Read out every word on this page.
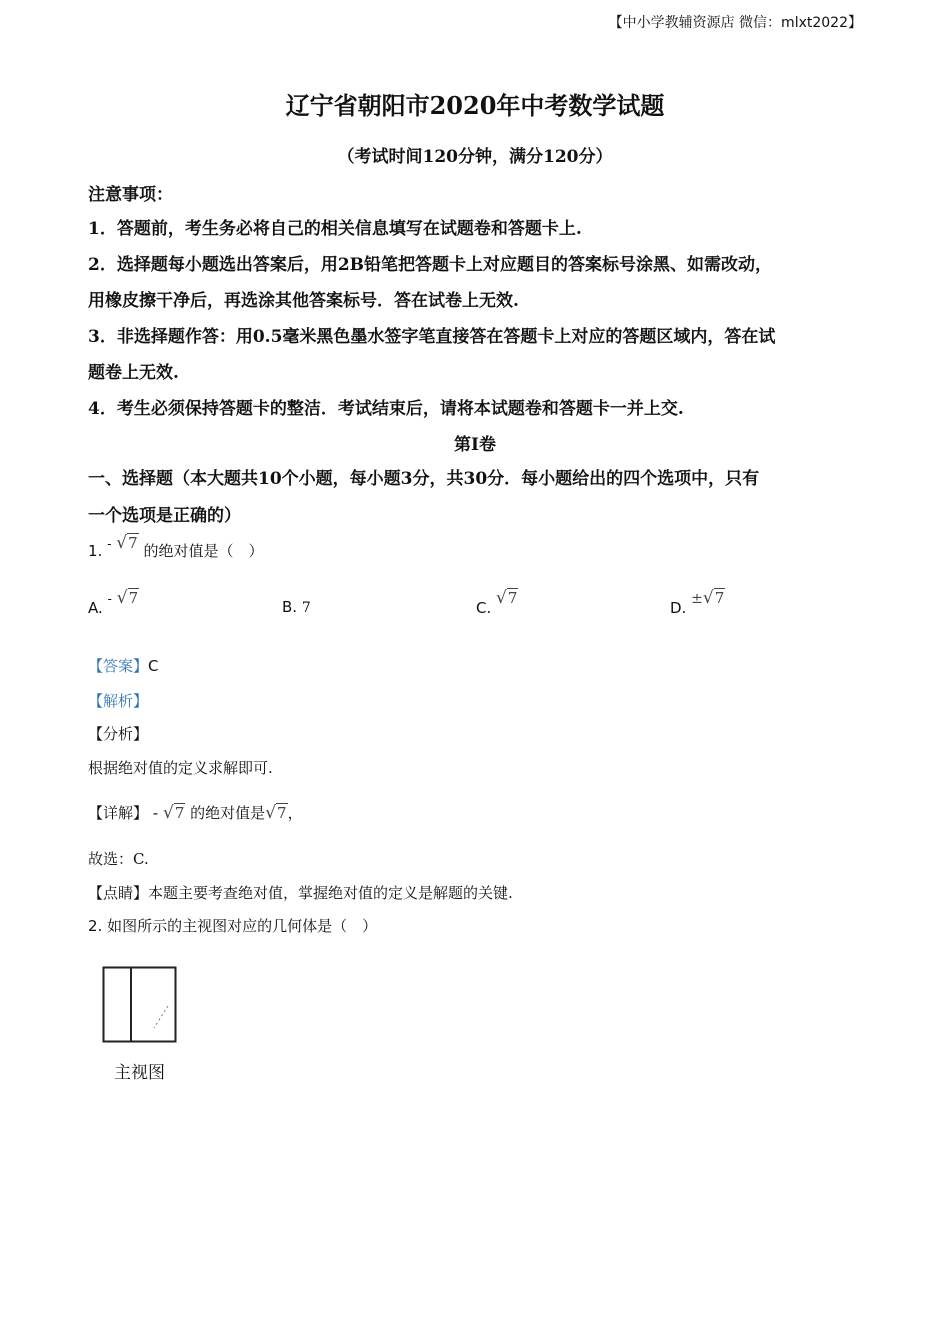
【中小学教辅资源店 微信：mlxt2022】
辽宁省朝阳市2020年中考数学试题
（考试时间120分钟，满分120分）
注意事项：
1．答题前，考生务必将自己的相关信息填写在试题卷和答题卡上.
2．选择题每小题选出答案后，用2B铅笔把答题卡上对应题目的答案标号涂黑、如需改动，
用橡皮擦干净后，再选涂其他答案标号．答在试卷上无效.
3．非选择题作答：用0.5毫米黑色墨水签字笔直接答在答题卡上对应的答题区域内，答在试
题卷上无效.
4．考生必须保持答题卡的整洁．考试结束后，请将本试题卷和答题卡一并上交.
第I卷
一、选择题（本大题共10个小题，每小题3分，共30分．每小题给出的四个选项中，只有
一个选项是正确的）
1. - √7 的绝对值是（　）
A. - √7	B. 7	C. √7
D. ±√7
【答案】C
【解析】
【分析】
根据绝对值的定义求解即可.
【详解】 - √7 的绝对值是√7，
故选：C.
【点睛】本题主要考查绝对值，掌握绝对值的定义是解题的关键.
2. 如图所示的主视图对应的几何体是（　）
主视图
